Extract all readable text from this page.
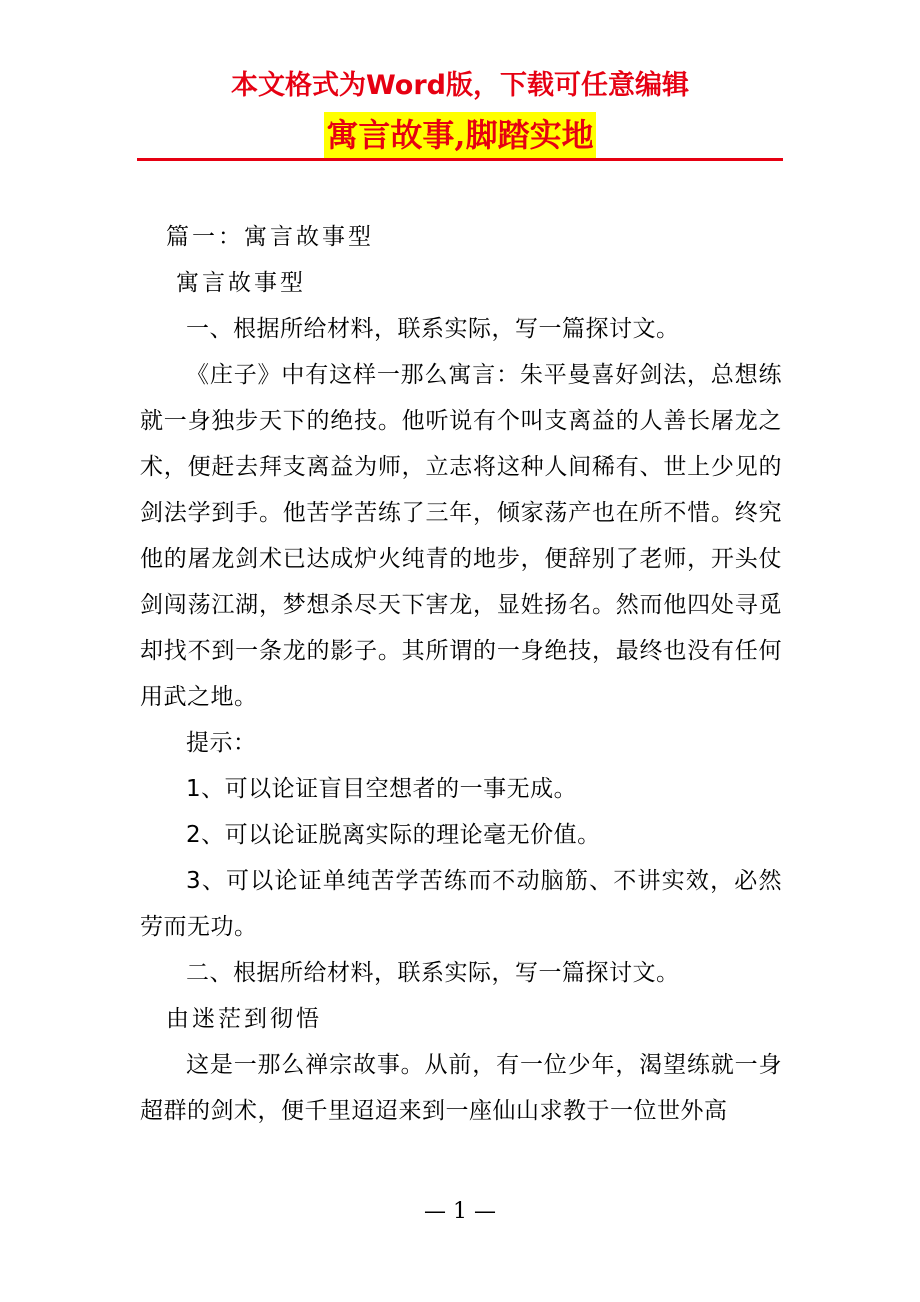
本文格式为Word版，下载可任意编辑
寓言故事,脚踏实地

篇一：寓言故事型

寓言故事型

一、根据所给材料，联系实际，写一篇探讨文。

《庄子》中有这样一那么寓言：朱平曼喜好剑法，总想练就一身独步天下的绝技。他听说有个叫支离益的人善长屠龙之术，便赶去拜支离益为师，立志将这种人间稀有、世上少见的剑法学到手。他苦学苦练了三年，倾家荡产也在所不惜。终究他的屠龙剑术已达成炉火纯青的地步，便辞别了老师，开头仗剑闯荡江湖，梦想杀尽天下害龙，显姓扬名。然而他四处寻觅却找不到一条龙的影子。其所谓的一身绝技，最终也没有任何用武之地。

提示：

1、可以论证盲目空想者的一事无成。

2、可以论证脱离实际的理论毫无价值。

3、可以论证单纯苦学苦练而不动脑筋、不讲实效，必然劳而无功。

二、根据所给材料，联系实际，写一篇探讨文。

由迷茫到彻悟

这是一那么禅宗故事。从前，有一位少年，渴望练就一身超群的剑术，便千里迢迢来到一座仙山求教于一位世外高

— 1 —
